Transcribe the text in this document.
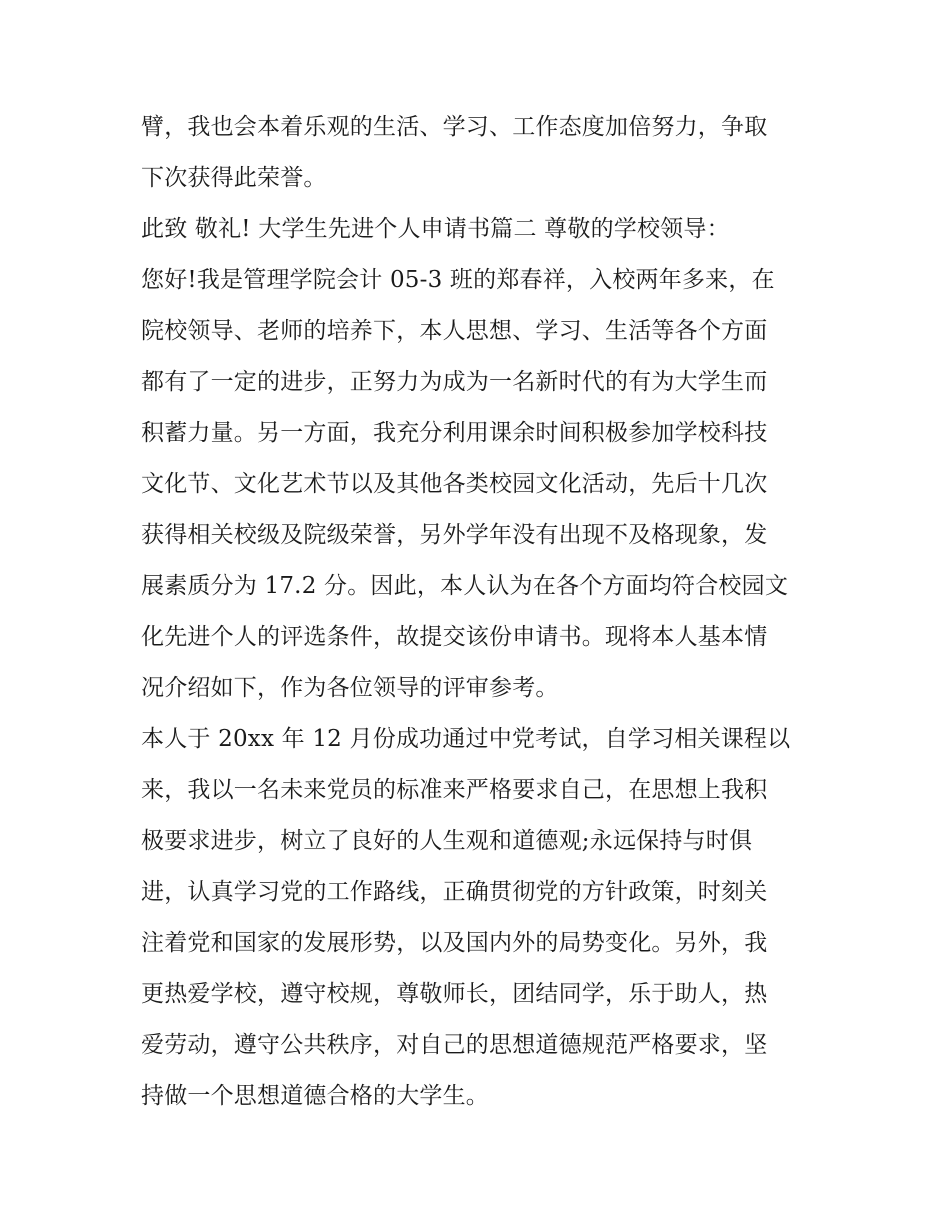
臂，我也会本着乐观的生活、学习、工作态度加倍努力，争取
下次获得此荣誉。
此致 敬礼! 大学生先进个人申请书篇二 尊敬的学校领导：
您好!我是管理学院会计 05-3 班的郑春祥，入校两年多来，在
院校领导、老师的培养下，本人思想、学习、生活等各个方面
都有了一定的进步，正努力为成为一名新时代的有为大学生而
积蓄力量。另一方面，我充分利用课余时间积极参加学校科技
文化节、文化艺术节以及其他各类校园文化活动，先后十几次
获得相关校级及院级荣誉，另外学年没有出现不及格现象，发
展素质分为 17.2 分。因此，本人认为在各个方面均符合校园文
化先进个人的评选条件，故提交该份申请书。现将本人基本情
况介绍如下，作为各位领导的评审参考。
本人于 20xx 年 12 月份成功通过中党考试，自学习相关课程以
来，我以一名未来党员的标准来严格要求自己，在思想上我积
极要求进步，树立了良好的人生观和道德观;永远保持与时俱
进，认真学习党的工作路线，正确贯彻党的方针政策，时刻关
注着党和国家的发展形势，以及国内外的局势变化。另外，我
更热爱学校，遵守校规，尊敬师长，团结同学，乐于助人，热
爱劳动，遵守公共秩序，对自己的思想道德规范严格要求，坚
持做一个思想道德合格的大学生。
